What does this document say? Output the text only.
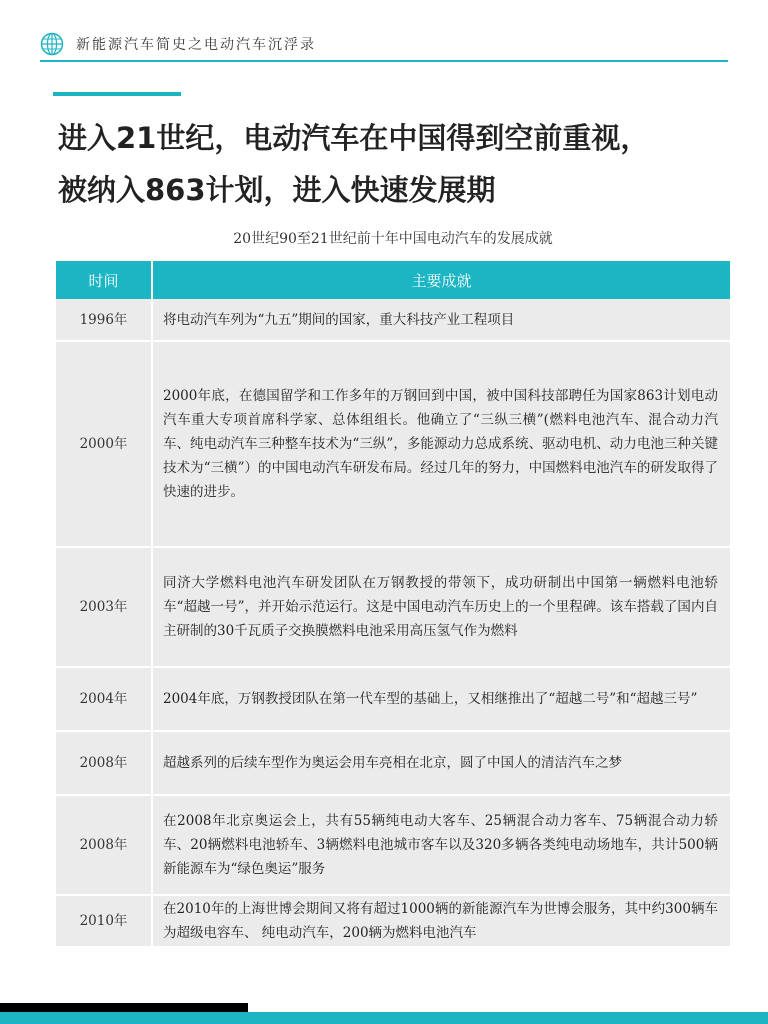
新能源汽车简史之电动汽车沉浮录
进入21世纪，电动汽车在中国得到空前重视，
被纳入863计划，进入快速发展期
20世纪90至21世纪前十年中国电动汽车的发展成就
时间	主要成就
1996年	将电动汽车列为“九五”期间的国家，重大科技产业工程项目
2000年	2000年底，在德国留学和工作多年的万钢回到中国，被中国科技部聘任为国家863计划电动汽车重大专项首席科学家、总体组组长。他确立了“三纵三横”(燃料电池汽车、混合动力汽车、纯电动汽车三种整车技术为“三纵”，多能源动力总成系统、驱动电机、动力电池三种关键技术为“三横”）的中国电动汽车研发布局。经过几年的努力，中国燃料电池汽车的研发取得了快速的进步。
2003年	同济大学燃料电池汽车研发团队在万钢教授的带领下，成功研制出中国第一辆燃料电池轿车“超越一号”，并开始示范运行。这是中国电动汽车历史上的一个里程碑。该车搭载了国内自主研制的30千瓦质子交换膜燃料电池采用高压氢气作为燃料
2004年	2004年底，万钢教授团队在第一代车型的基础上，又相继推出了“超越二号”和“超越三号”
2008年	超越系列的后续车型作为奥运会用车亮相在北京，圆了中国人的清洁汽车之梦
2008年	在2008年北京奥运会上，共有55辆纯电动大客车、25辆混合动力客车、75辆混合动力轿车、20辆燃料电池轿车、3辆燃料电池城市客车以及320多辆各类纯电动场地车，共计500辆新能源车为“绿色奥运”服务
2010年	在2010年的上海世博会期间又将有超过1000辆的新能源汽车为世博会服务，其中约300辆车为超级电容车、 纯电动汽车，200辆为燃料电池汽车
